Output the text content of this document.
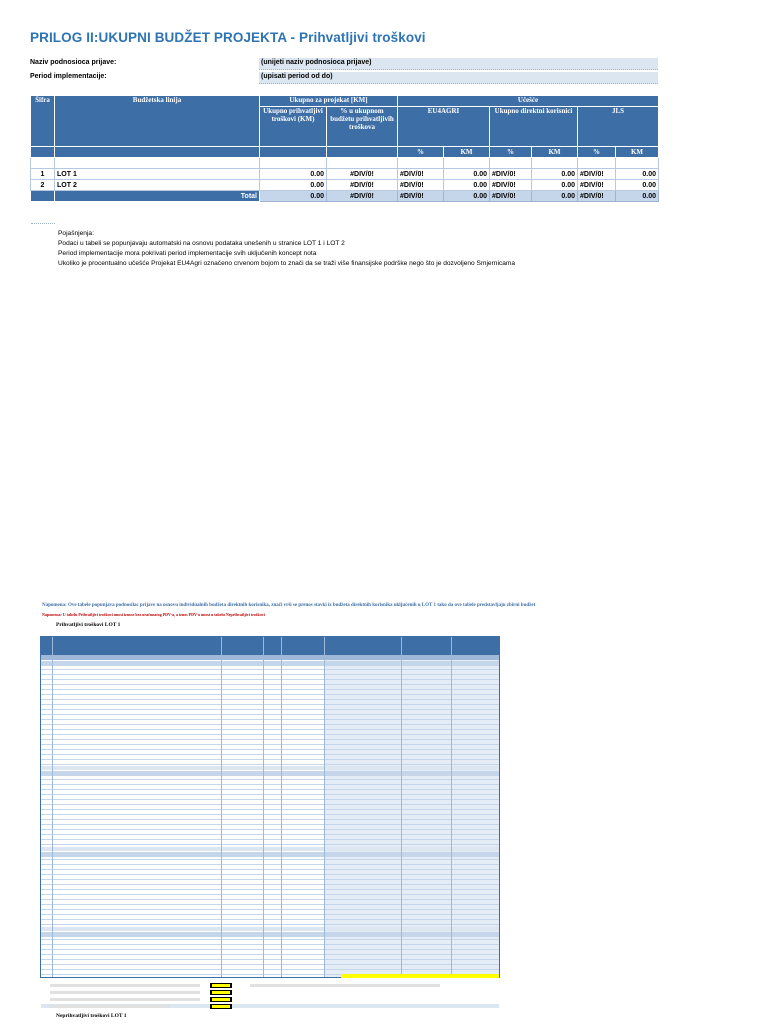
PRILOG II:UKUPNI BUDŽET PROJEKTA - Prihvatljivi troškovi
Naziv podnosioca prijave:	(unijeti naziv podnosioca prijave)
Period implementacije:	(upisati period od do)
Šifra	Budžetska linija	Ukupno za projekat [KM]		Učešće					
		Ukupno prihvatljivi troškovi (KM)	% u ukupnom budžetu prihvatljivih troškova	EU4AGRI		Ukupno direktni korisnici		JLS	
				%	KM	%	KM	%	KM

1	LOT 1	0.00	#DIV/0!	#DIV/0!	0.00	#DIV/0!	0.00	#DIV/0!	0.00
2	LOT 2	0.00	#DIV/0!	#DIV/0!	0.00	#DIV/0!	0.00	#DIV/0!	0.00
	Total	0.00	#DIV/0!	#DIV/0!	0.00	#DIV/0!	0.00	#DIV/0!	0.00

Pojašnjenja:
Podaci u tabeli se popunjavaju automatski na osnovu podataka unešenih u stranice LOT 1 i LOT 2
Period implementacije mora pokrivati period implementacije svih uključenih koncept nota
Ukoliko je procentualno učešće Projekat EU4Agri označeno crvenom bojom to znači da se traži više finansijske podrške nego što je dozvoljeno Smjernicama
Napomena: Ove tabele popunjava podnosilac prijave na osnovu individualnih budžeta direktnih korisnika, znači vrši se prenos stavki iz budžeta direktnih korisnika uključenih u LOT 1 tako da ove tabele predstavljaju zbirni budžet
Napomena: U tabelu Prihvatljivi troškovi unosi iznose bez uračunatog PDV-a, a iznos PDV-a unosi u tabelu Neprihvatljivi troškovi
Prihvatljivi troškovi LOT 1
Neprihvatljivi troškovi LOT 1
